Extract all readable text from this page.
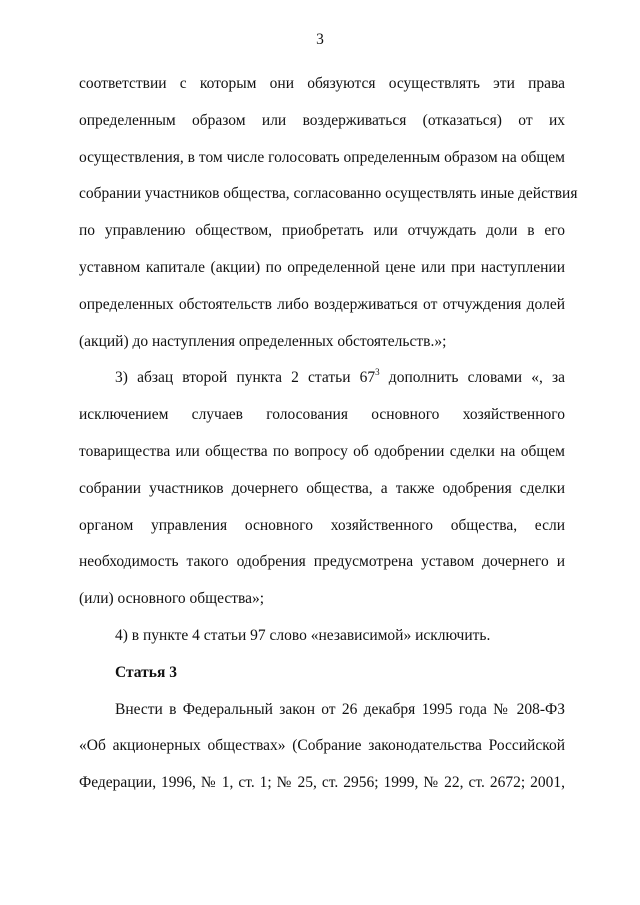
3
соответствии с которым они обязуются осуществлять эти права
определенным образом или воздерживаться (отказаться) от их
осуществления, в том числе голосовать определенным образом на общем
собрании участников общества, согласованно осуществлять иные действия
по управлению обществом, приобретать или отчуждать доли в его
уставном капитале (акции) по определенной цене или при наступлении
определенных обстоятельств либо воздерживаться от отчуждения долей
(акций) до наступления определенных обстоятельств.»;
3) абзац второй пункта 2 статьи $67^3$ дополнить словами «, за
исключением случаев голосования основного хозяйственного
товарищества или общества по вопросу об одобрении сделки на общем
собрании участников дочернего общества, а также одобрения сделки
органом управления основного хозяйственного общества, если
необходимость такого одобрения предусмотрена уставом дочернего и
(или) основного общества»;
4) в пункте 4 статьи 97 слово «независимой» исключить.
Статья 3
Внести в Федеральный закон от 26 декабря 1995 года № 208-ФЗ
«Об акционерных обществах» (Собрание законодательства Российской
Федерации, 1996, № 1, ст. 1; № 25, ст. 2956; 1999, № 22, ст. 2672; 2001,
